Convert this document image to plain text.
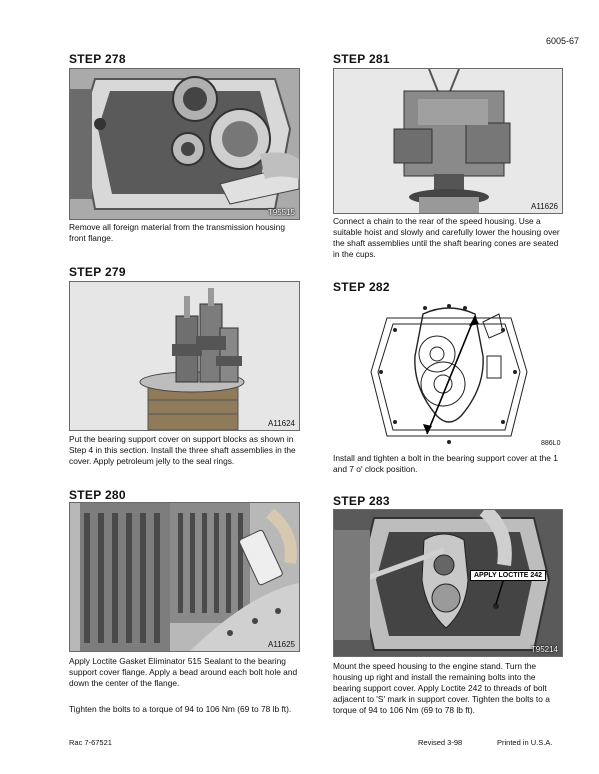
6005-67
STEP 278
T95515
Remove all foreign material from the transmission housing front flange.
STEP 279
A11624
Put the bearing support cover on support blocks as shown in Step 4 in this section. Install the three shaft assemblies in the cover. Apply petroleum jelly to the seal rings.
STEP 280
A11625
Apply Loctite Gasket Eliminator 515 Sealant to the bearing support cover flange. Apply a bead around each bolt hole and down the center of the flange.
Tighten the bolts to a torque of 94 to 106 Nm (69 to 78 lb ft).
STEP 281
A11626
Connect a chain to the rear of the speed housing. Use a suitable hoist and slowly and carefully lower the housing over the shaft assemblies until the shaft bearing cones are seated in the cups.
STEP 282
886L0
Install and tighten a bolt in the bearing support cover at the 1 and 7 o' clock position.
STEP 283
APPLY LOCTITE 242
T95214
Mount the speed housing to the engine stand. Turn the housing up right and install the remaining bolts into the bearing support cover. Apply Loctite 242 to threads of bolt adjacent to 'S' mark in support cover. Tighten the bolts to a torque of 94 to 106 Nm (69 to 78 lb ft).
Rac 7-67521	Revised 3-98	Printed in U.S.A.
